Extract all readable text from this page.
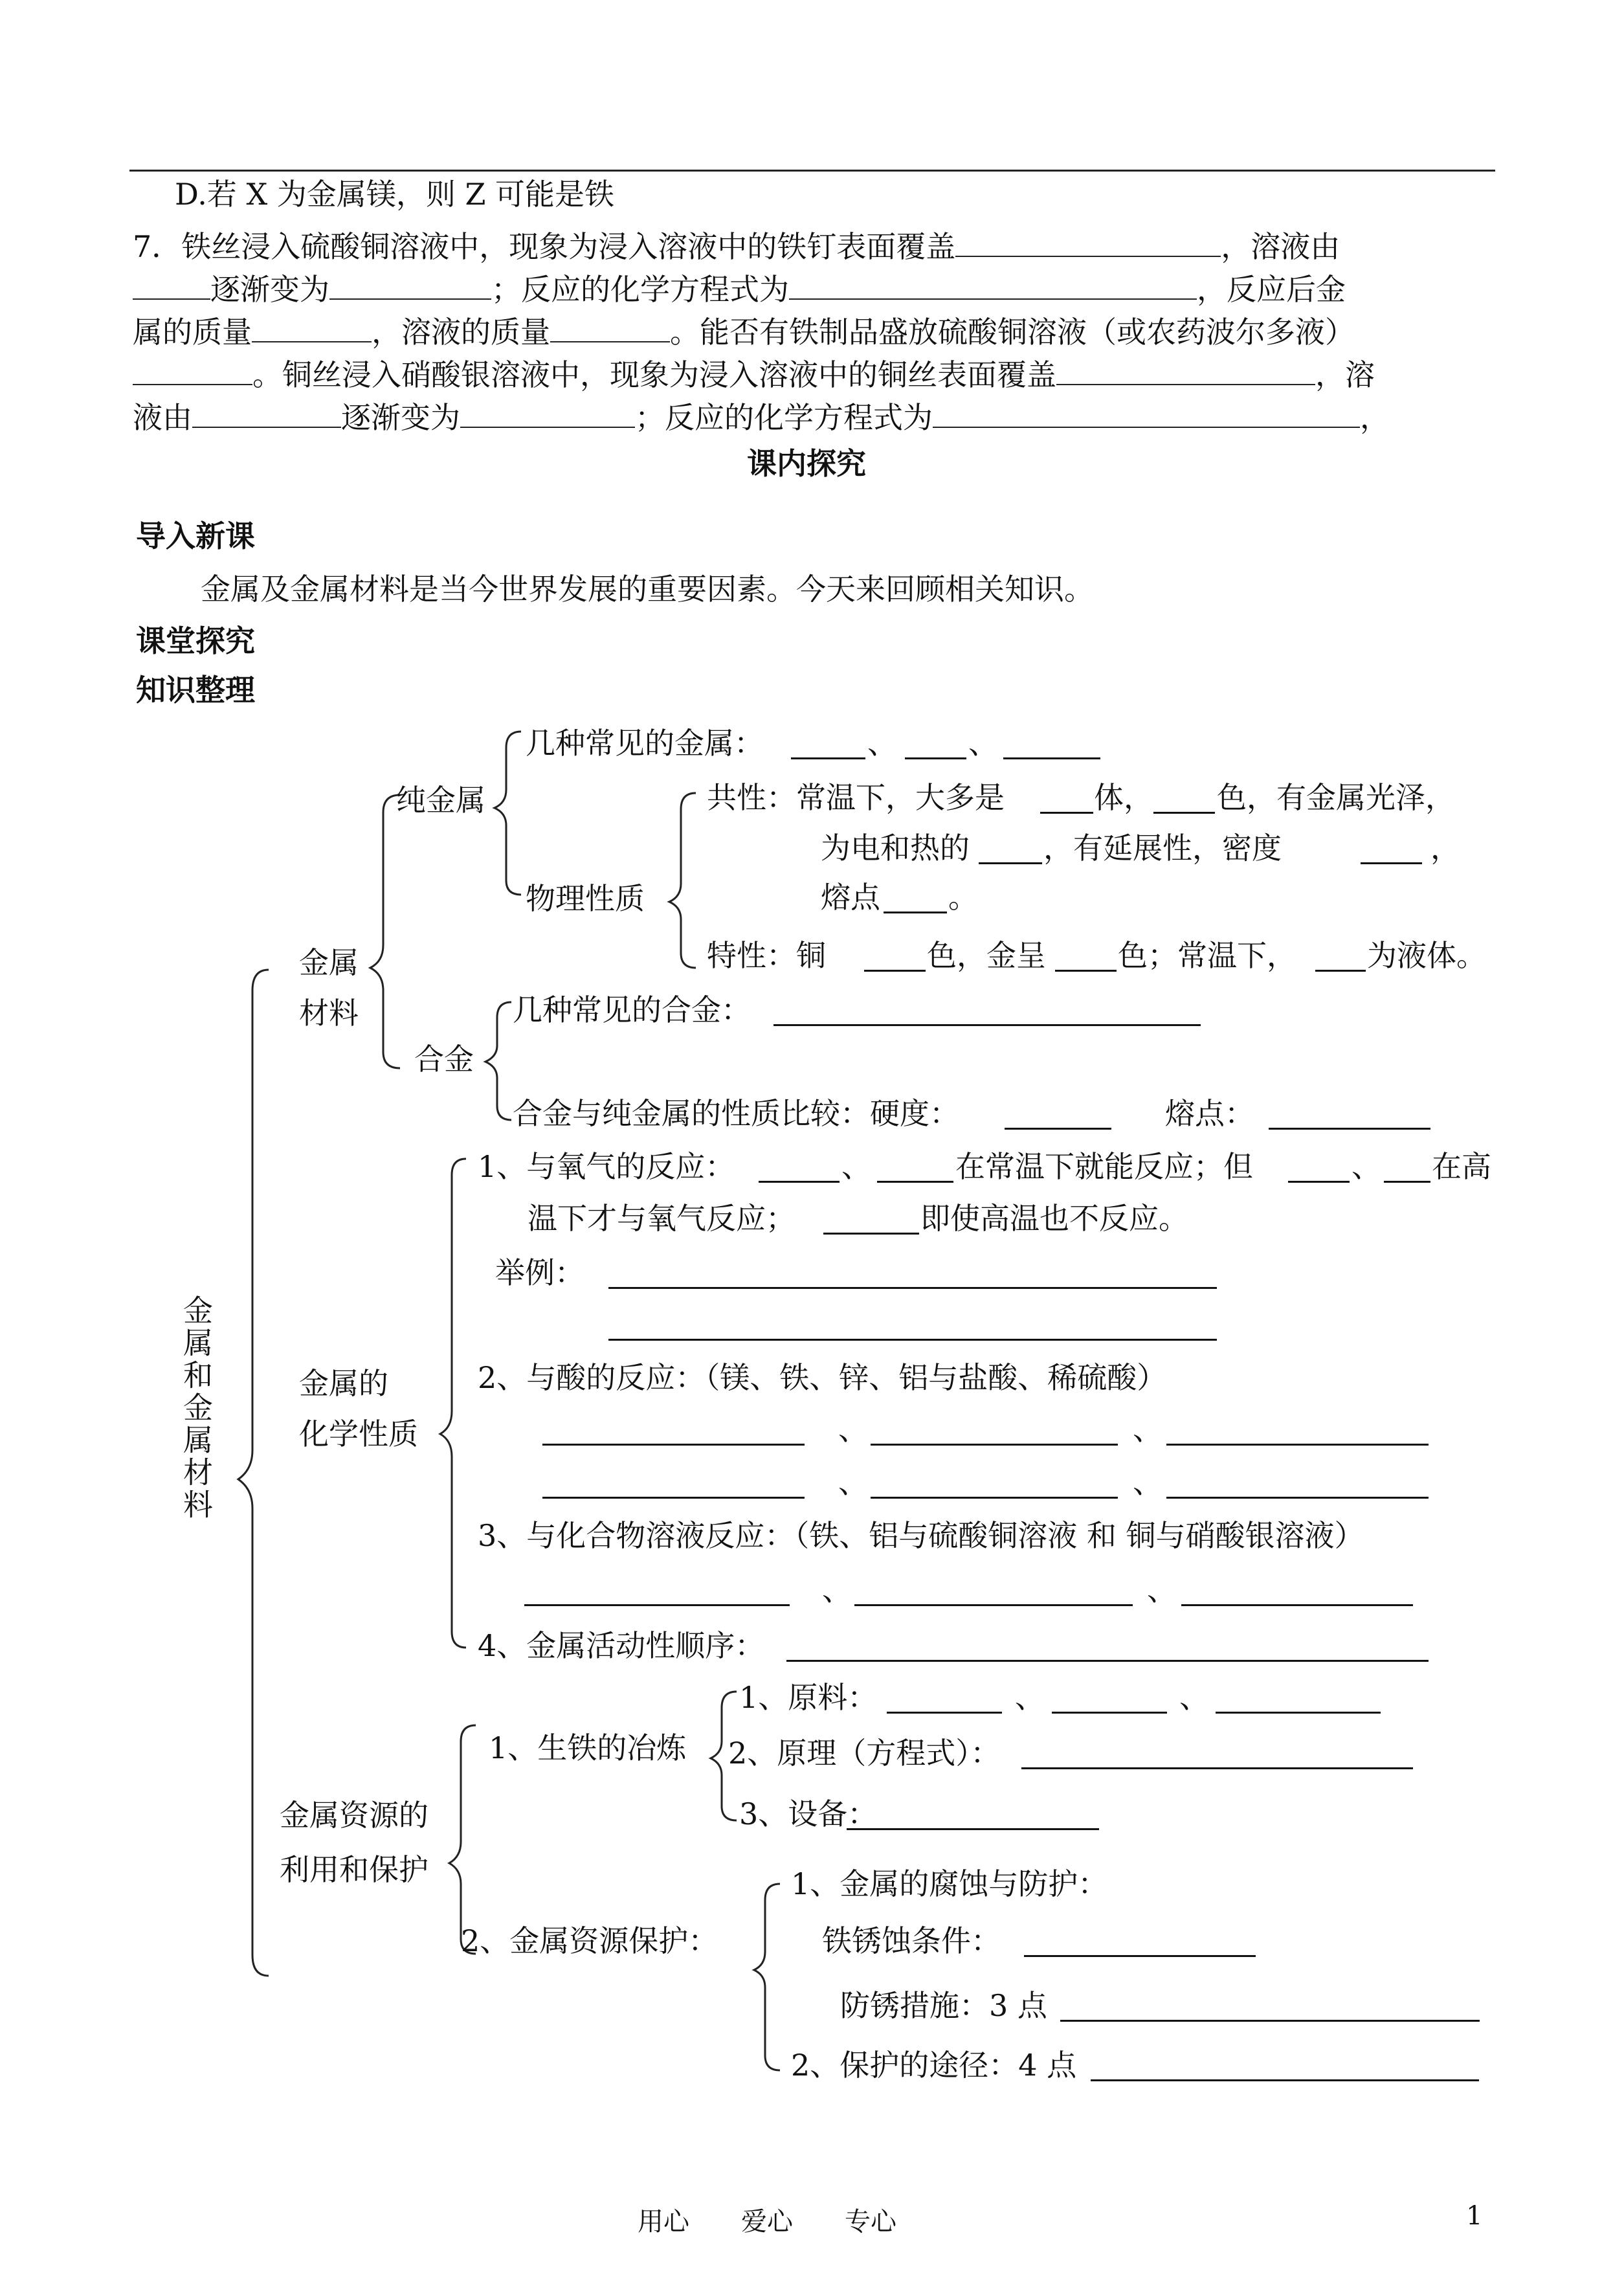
D.若 X 为金属镁，则 Z 可能是铁
7．铁丝浸入硫酸铜溶液中，现象为浸入溶液中的铁钉表面覆盖	，溶液由
逐渐变为	；反应的化学方程式为	，反应后金
属的质量	，溶液的质量	。能否有铁制品盛放硫酸铜溶液（或农药波尔多液）
。铜丝浸入硝酸银溶液中，现象为浸入溶液中的铜丝表面覆盖	，溶
液由	逐渐变为	；反应的化学方程式为	，
课内探究
导入新课
金属及金属材料是当今世界发展的重要因素。今天来回顾相关知识。
课堂探究
知识整理
金属和金属材料
金属
材料
纯金属
几种常见的金属：	、 、
物理性质
共性：常温下，大多是	体， 色，有金属光泽，
为电和热的 ，有延展性，密度	，
熔点 。
特性：铜	色，金呈 色；常温下， 为液体。
合金
几种常见的合金：
合金与纯金属的性质比较：硬度：	熔点：
金属的
化学性质
1、与氧气的反应：	、	在常温下就能反应；但	、 在高
温下才与氧气反应；	即使高温也不反应。
举例：
2、与酸的反应：（镁、铁、锌、铝与盐酸、稀硫酸）
、	、
、	、
3、与化合物溶液反应：（铁、铝与硫酸铜溶液 和 铜与硝酸银溶液）
、	、
4、金属活动性顺序：
金属资源的
利用和保护
1、生铁的冶炼
1、原料：	、	、
2、原理（方程式）：
3、设备：
2、金属资源保护：
1、金属的腐蚀与防护：
铁锈蚀条件：
防锈措施：3 点
2、保护的途径：4 点
用心　　爱心　　专心	1
